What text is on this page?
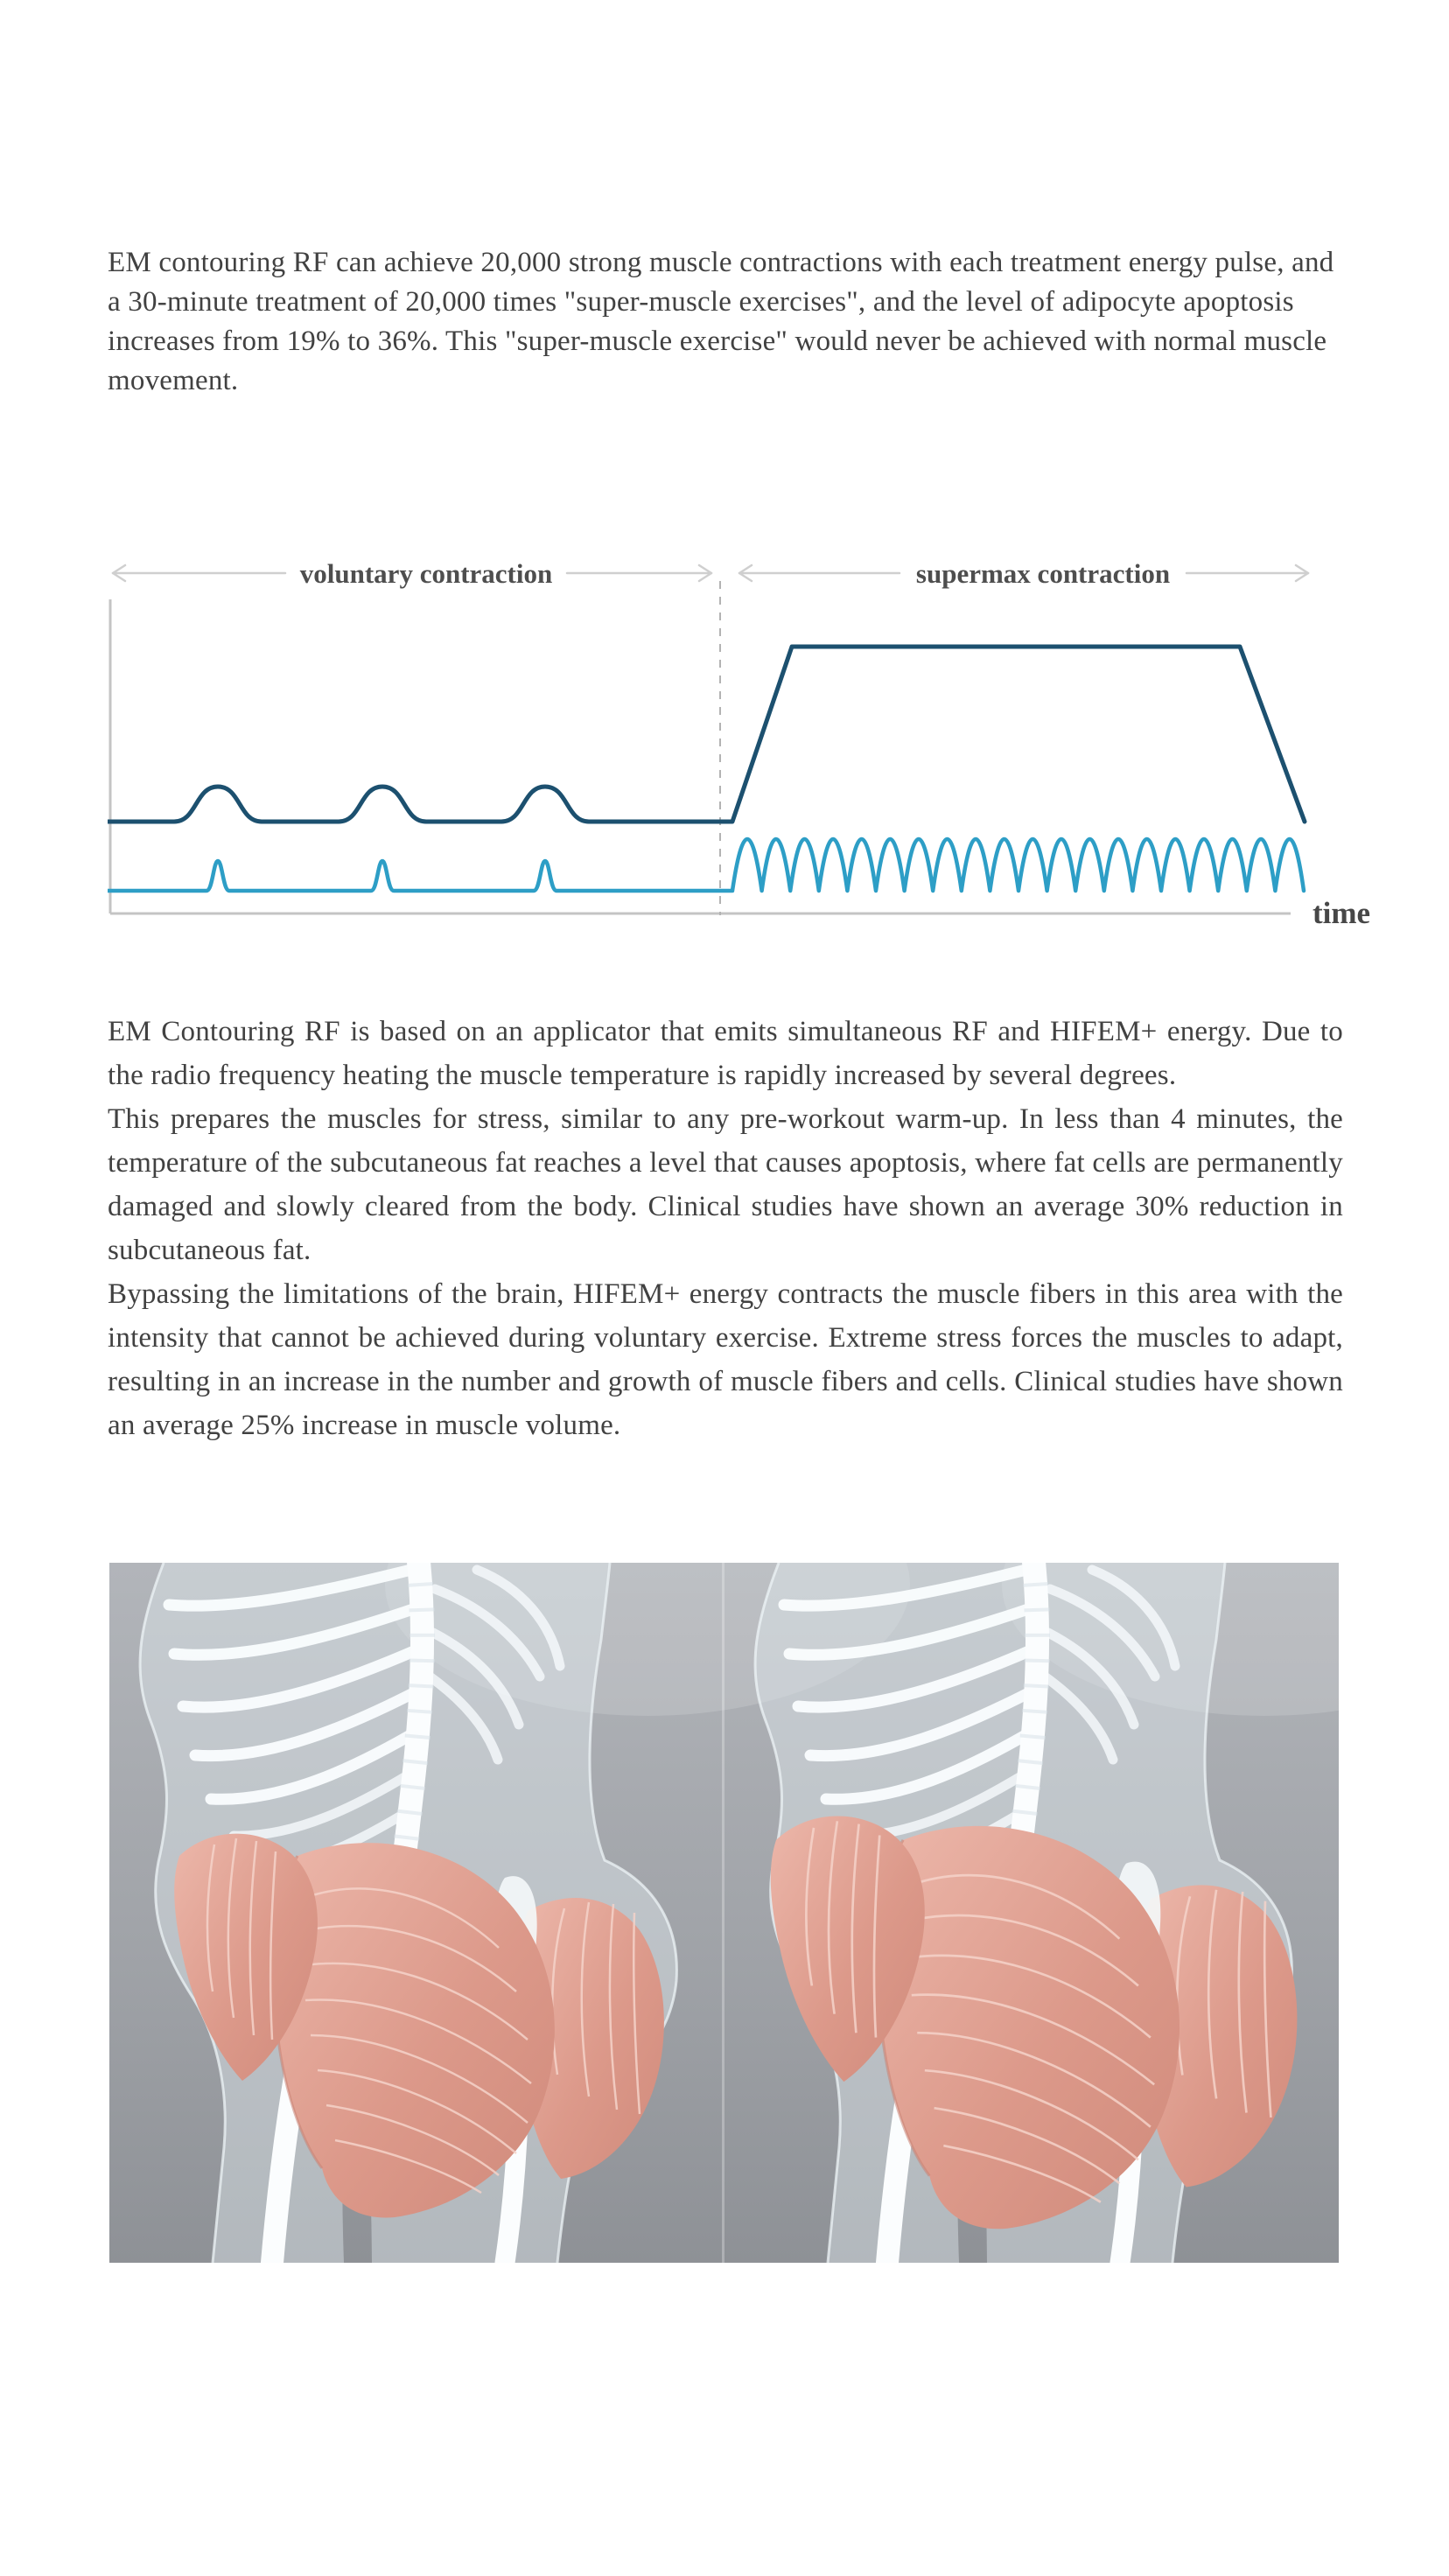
EM contouring RF can achieve 20,000 strong muscle contractions with each treatment energy pulse, and a 30-minute treatment of 20,000 times "super-muscle exercises", and the level of adipocyte apoptosis increases from 19% to 36%. This "super-muscle exercise" would never be achieved with normal muscle movement.

voluntary contraction	supermax contraction
time

EM Contouring RF is based on an applicator that emits simultaneous RF and HIFEM+ energy. Due to the radio frequency heating the muscle temperature is rapidly increased by several degrees.

This prepares the muscles for stress, similar to any pre-workout warm-up. In less than 4 minutes, the temperature of the subcutaneous fat reaches a level that causes apoptosis, where fat cells are permanently damaged and slowly cleared from the body. Clinical studies have shown an average 30% reduction in subcutaneous fat.

Bypassing the limitations of the brain, HIFEM+ energy contracts the muscle fibers in this area with the intensity that cannot be achieved during voluntary exercise. Extreme stress forces the muscles to adapt, resulting in an increase in the number and growth of muscle fibers and cells. Clinical studies have shown an average 25% increase in muscle volume.
